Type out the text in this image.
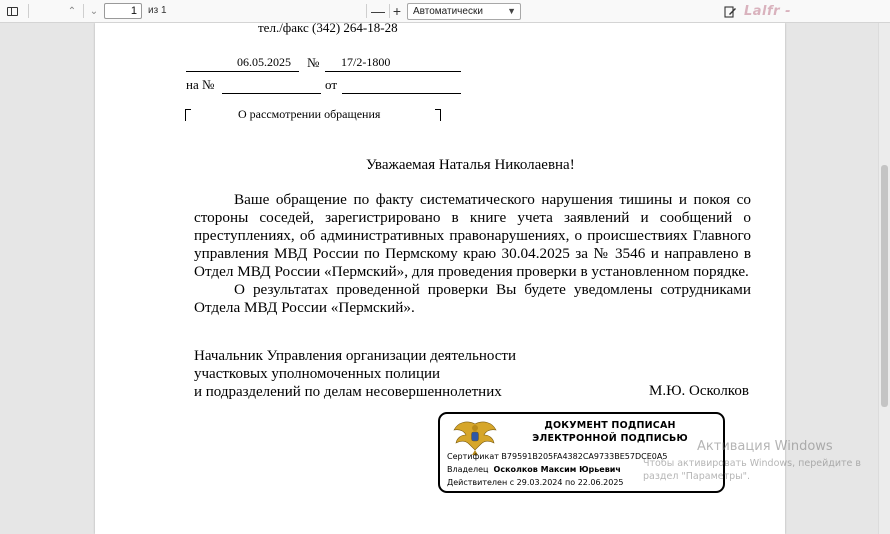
⌃ ⌄
1	из 1	— +	Автоматически	▼	Lalfr -
тел./факс (342) 264-18-28
06.05.2025 № 17/2-1800
на №	от
О рассмотрении обращения
Уважаемая Наталья Николаевна!

Ваше обращение по факту систематического нарушения тишины и покоя со стороны соседей, зарегистрировано в книге учета заявлений и сообщений о преступлениях, об административных правонарушениях, о происшествиях Главного управления МВД России по Пермскому краю 30.04.2025 за № 3546 и направлено в Отдел МВД России «Пермский», для проведения проверки в установленном порядке.

О результатах проведенной проверки Вы будете уведомлены сотрудниками Отдела МВД России «Пермский».

Начальник Управления организации деятельности
участковых уполномоченных полиции
и подразделений по делам несовершеннолетних	М.Ю. Осколков
ДОКУМЕНТ ПОДПИСАН
ЭЛЕКТРОННОЙ ПОДПИСЬЮ
Сертификат B79591B205FA4382CA9733BE57DCE0A5
Владелец Осколков Максим Юрьевич
Действителен с 29.03.2024 по 22.06.2025
Активация Windows
Чтобы активировать Windows, перейдите в
раздел "Параметры".
